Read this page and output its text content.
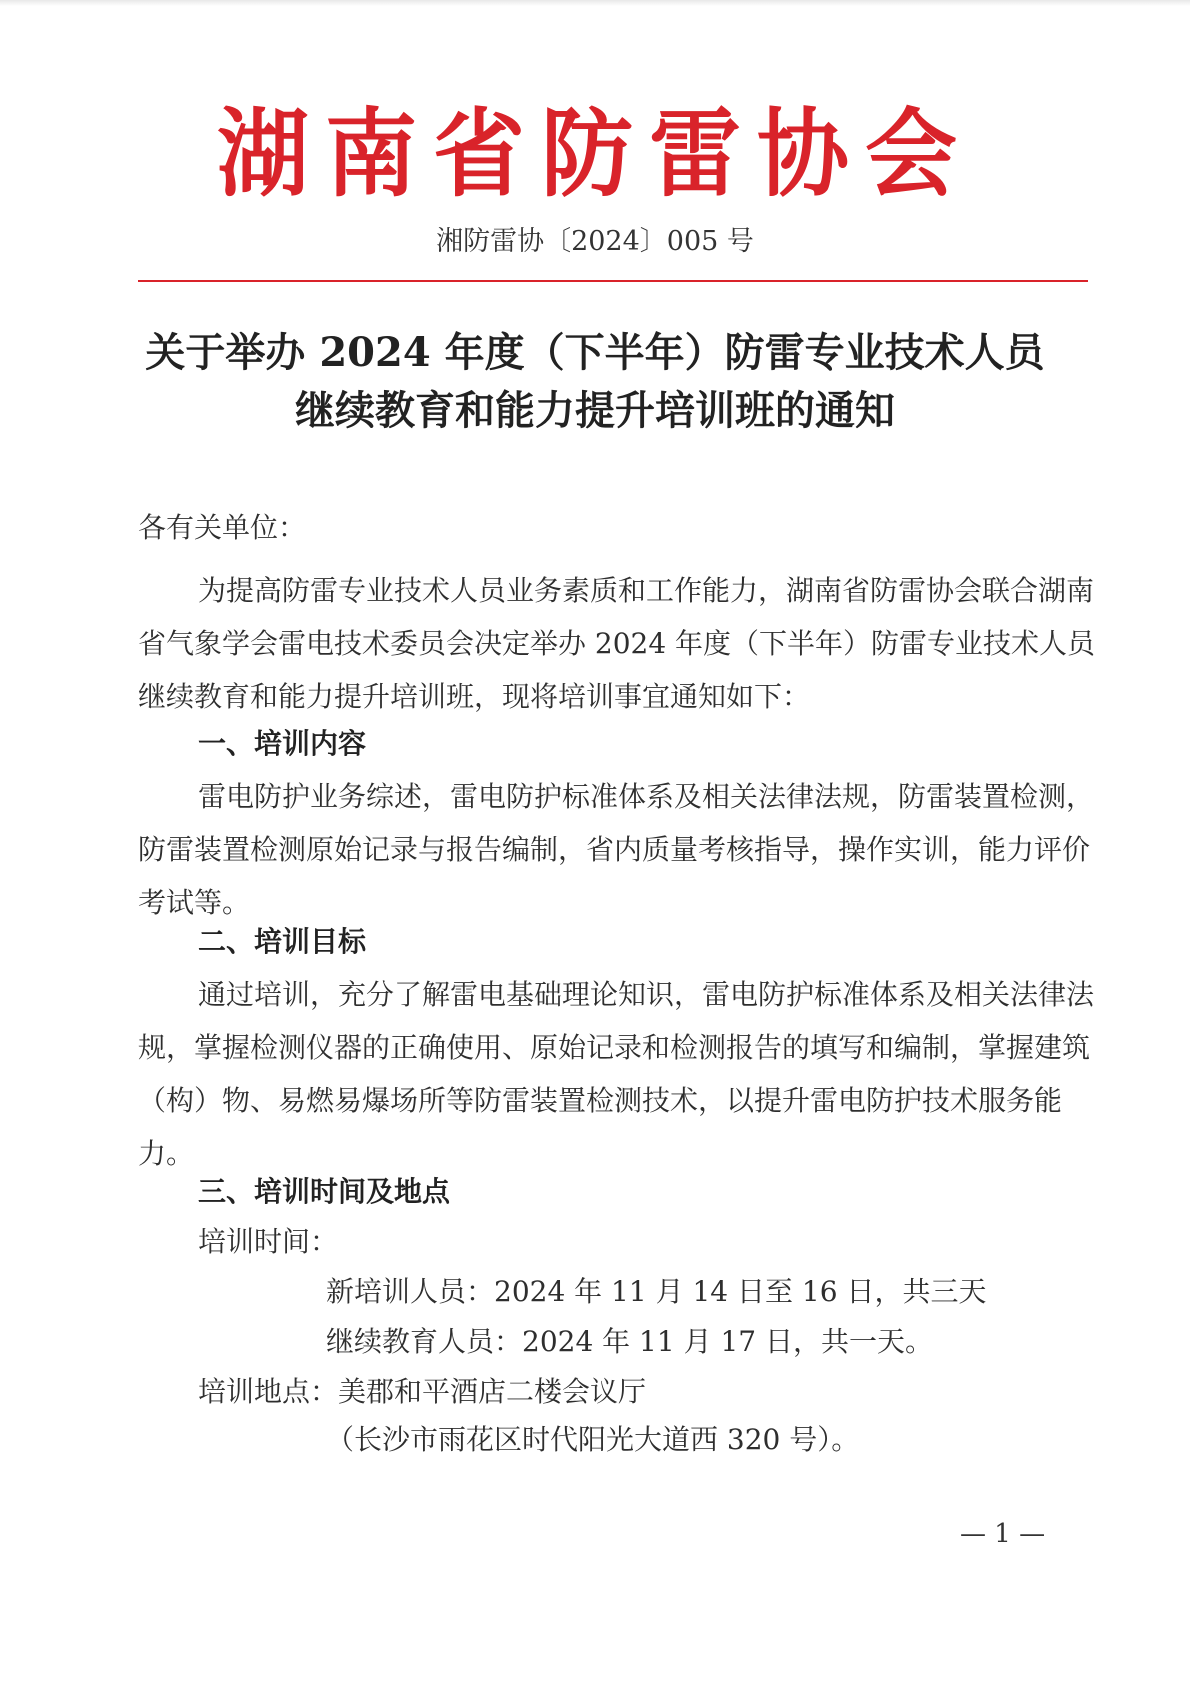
湖南省防雷协会
湘防雷协〔2024〕005 号
关于举办 2024 年度（下半年）防雷专业技术人员
继续教育和能力提升培训班的通知
各有关单位：
为提高防雷专业技术人员业务素质和工作能力，湖南省防雷协会联合湖南省气象学会雷电技术委员会决定举办 2024 年度（下半年）防雷专业技术人员继续教育和能力提升培训班，现将培训事宜通知如下：
一、培训内容
雷电防护业务综述，雷电防护标准体系及相关法律法规，防雷装置检测，防雷装置检测原始记录与报告编制，省内质量考核指导，操作实训，能力评价考试等。
二、培训目标
通过培训，充分了解雷电基础理论知识，雷电防护标准体系及相关法律法规，掌握检测仪器的正确使用、原始记录和检测报告的填写和编制，掌握建筑（构）物、易燃易爆场所等防雷装置检测技术，以提升雷电防护技术服务能力。
三、培训时间及地点
培训时间：
新培训人员：2024 年 11 月 14 日至 16 日，共三天
继续教育人员：2024 年 11 月 17 日，共一天。
培训地点：美郡和平酒店二楼会议厅
（长沙市雨花区时代阳光大道西 320 号）。
— 1 —
